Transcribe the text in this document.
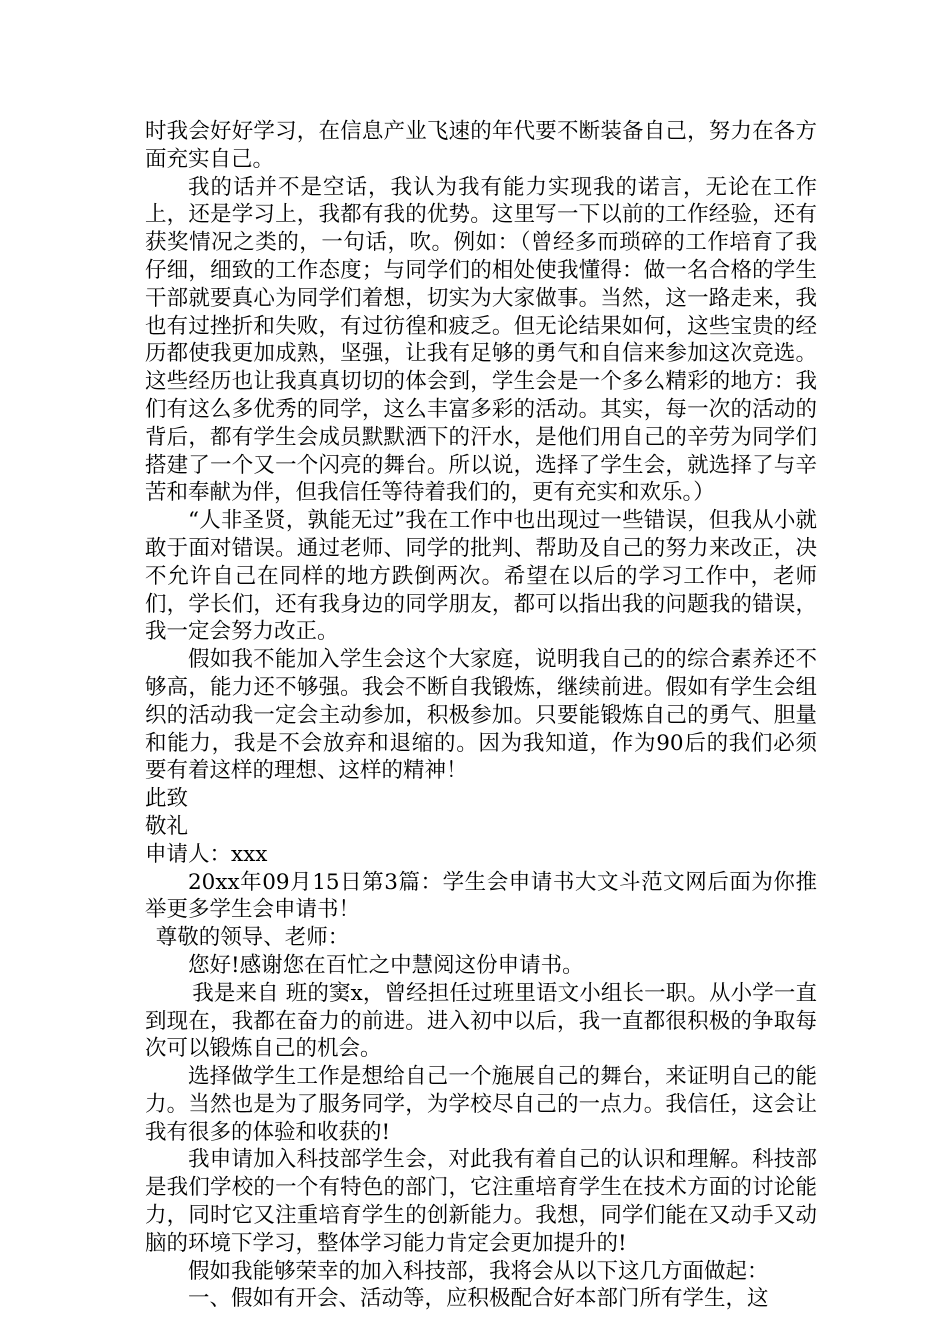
时我会好好学习，在信息产业飞速的年代要不断装备自己，努力在各方面充实自己。

我的话并不是空话，我认为我有能力实现我的诺言，无论在工作上，还是学习上，我都有我的优势。这里写一下以前的工作经验，还有获奖情况之类的，一句话，吹。例如：（曾经多而琐碎的工作培育了我仔细，细致的工作态度；与同学们的相处使我懂得：做一名合格的学生干部就要真心为同学们着想，切实为大家做事。当然，这一路走来，我也有过挫折和失败，有过彷徨和疲乏。但无论结果如何，这些宝贵的经历都使我更加成熟，坚强，让我有足够的勇气和自信来参加这次竞选。这些经历也让我真真切切的体会到，学生会是一个多么精彩的地方：我们有这么多优秀的同学，这么丰富多彩的活动。其实，每一次的活动的背后，都有学生会成员默默洒下的汗水，是他们用自己的辛劳为同学们搭建了一个又一个闪亮的舞台。所以说，选择了学生会，就选择了与辛苦和奉献为伴，但我信任等待着我们的，更有充实和欢乐。）

“人非圣贤，孰能无过”我在工作中也出现过一些错误，但我从小就敢于面对错误。通过老师、同学的批判、帮助及自己的努力来改正，决不允许自己在同样的地方跌倒两次。希望在以后的学习工作中，老师们，学长们，还有我身边的同学朋友，都可以指出我的问题我的错误，我一定会努力改正。

假如我不能加入学生会这个大家庭，说明我自己的的综合素养还不够高，能力还不够强。我会不断自我锻炼，继续前进。假如有学生会组织的活动我一定会主动参加，积极参加。只要能锻炼自己的勇气、胆量和能力，我是不会放弃和退缩的。因为我知道，作为90后的我们必须要有着这样的理想、这样的精神！

此致

敬礼

申请人：xxx

20xx年09月15日第3篇：学生会申请书大文斗范文网后面为你推举更多学生会申请书！

尊敬的领导、老师：

您好!感谢您在百忙之中慧阅这份申请书。

我是来自 班的窦x，曾经担任过班里语文小组长一职。从小学一直到现在，我都在奋力的前进。进入初中以后，我一直都很积极的争取每次可以锻炼自己的机会。

选择做学生工作是想给自己一个施展自己的舞台，来证明自己的能力。当然也是为了服务同学，为学校尽自己的一点力。我信任，这会让我有很多的体验和收获的!

我申请加入科技部学生会，对此我有着自己的认识和理解。科技部是我们学校的一个有特色的部门，它注重培育学生在技术方面的讨论能力，同时它又注重培育学生的创新能力。我想，同学们能在又动手又动脑的环境下学习，整体学习能力肯定会更加提升的!

假如我能够荣幸的加入科技部，我将会从以下这几方面做起：

一、假如有开会、活动等，应积极配合好本部门所有学生，这
